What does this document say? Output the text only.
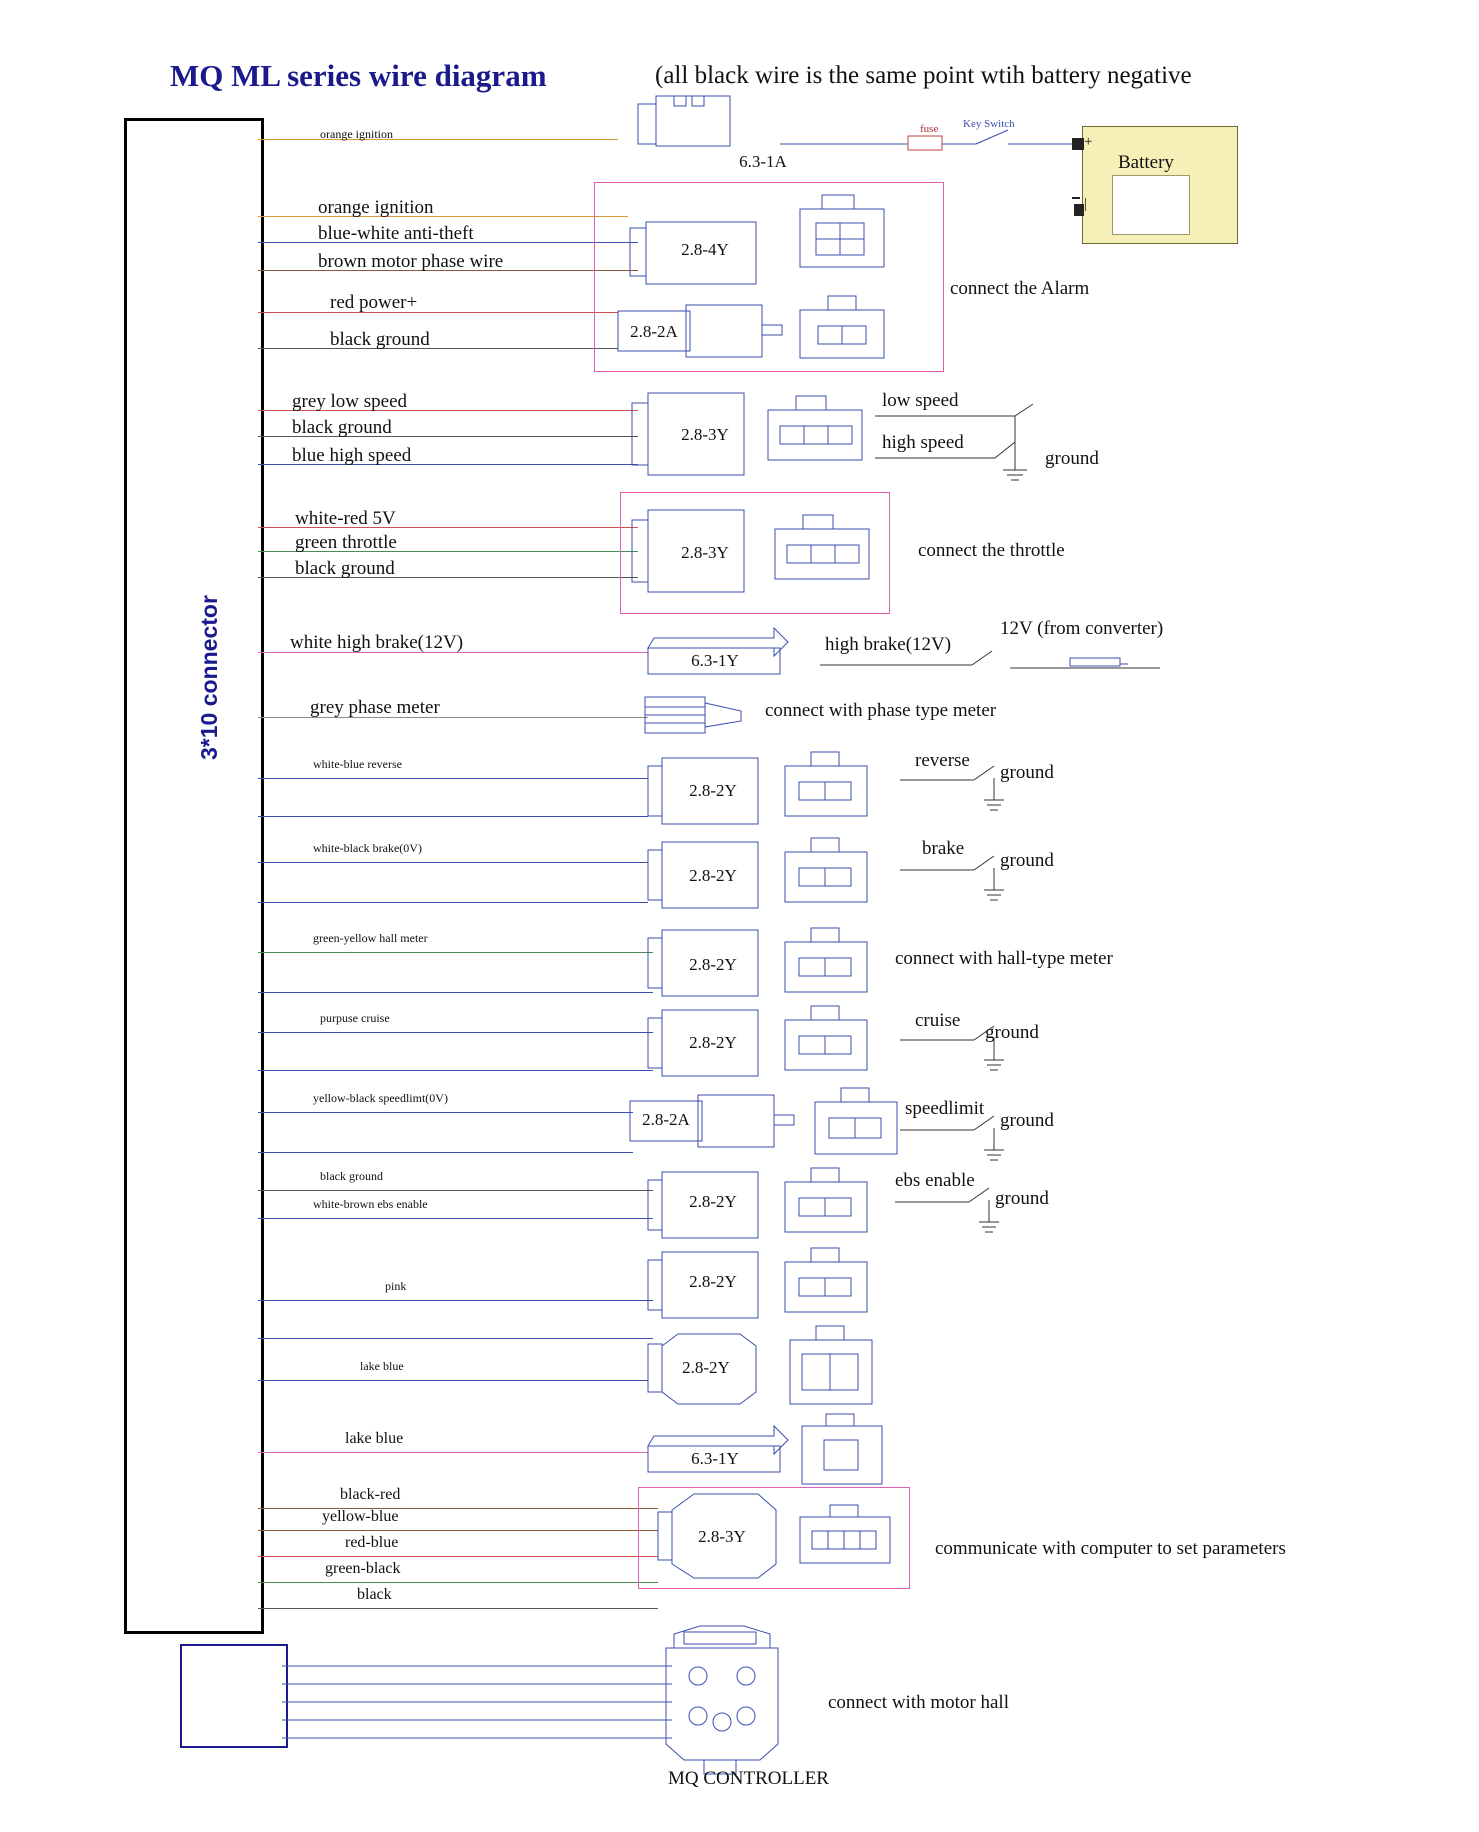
MQ ML series wire diagram	(all black wire is the same point wtih battery negative
3*10 connector
orange ignition
orange ignition
blue-white anti-theft
brown motor phase wire
red power+
black ground
grey low speed
black ground
blue high speed
white-red 5V
green throttle
black ground
white high brake(12V)
grey phase meter
white-blue reverse
white-black brake(0V)
green-yellow hall meter
purpuse cruise
yellow-black speedlimt(0V)
black ground
white-brown ebs enable
pink
lake blue
lake blue
black-red
yellow-blue
red-blue
green-black
black
6.3-1A
2.8-4Y
2.8-2A
connect the Alarm
2.8-3Y
low speed
high speed
ground
2.8-3Y	connect the throttle
6.3-1Y
high brake(12V)
12V (from converter)
connect with phase type meter
2.8-2Y
reverse
ground
2.8-2Y
brake
ground
2.8-2Y	connect with hall-type meter
2.8-2Y
cruise
ground
2.8-2A
speedlimit
ground
2.8-2Y
ebs enable
ground
2.8-2Y
2.8-2Y
6.3-1Y
2.8-3Y
communicate with computer to set parameters
Battery
+
|
fuse Key Switch
connect with motor hall
MQ CONTROLLER
